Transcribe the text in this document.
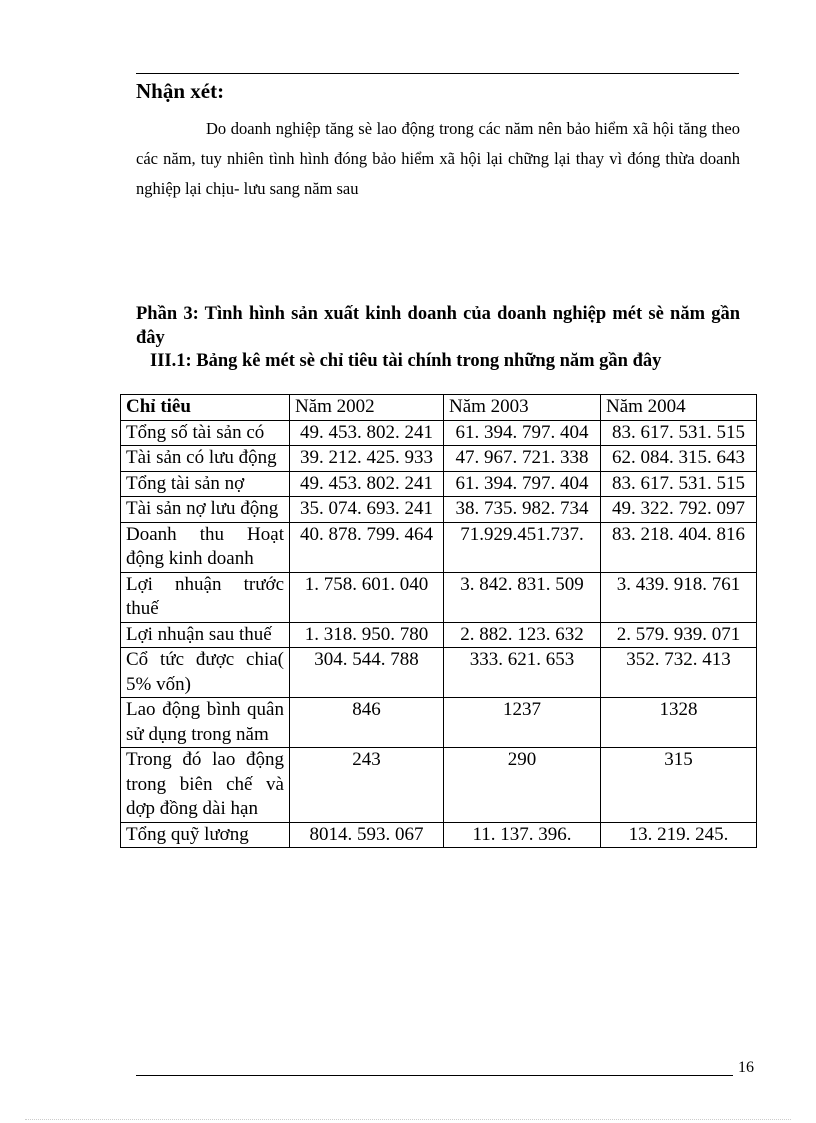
Nhận xét:
Do doanh nghiệp tăng sè lao động trong các năm nên bảo hiểm xã hội tăng theo các năm, tuy nhiên tình hình đóng bảo hiểm xã hội lại chững lại thay vì đóng thừa doanh nghiệp lại chịu- lưu sang năm sau
Phần 3: Tình hình sản xuất kinh doanh của doanh nghiệp mét sè năm gần đây
III.1: Bảng kê mét sè chỉ tiêu tài chính trong những năm gần đây
Chỉ tiêu	Năm 2002	Năm 2003	Năm 2004
Tổng số tài sản có	49. 453. 802. 241	61. 394. 797. 404	83. 617. 531. 515
Tài sản có lưu động	39. 212. 425. 933	47. 967. 721. 338	62. 084. 315. 643
Tổng tài sản nợ	49. 453. 802. 241	61. 394. 797. 404	83. 617. 531. 515
Tài sản nợ lưu động	35. 074. 693. 241	38. 735. 982. 734	49. 322. 792. 097
Doanh thu Hoạt động kinh doanh	40. 878. 799. 464	71.929.451.737.	83. 218. 404. 816
Lợi nhuận trước thuế	1. 758. 601. 040	3. 842. 831. 509	3. 439. 918. 761
Lợi nhuận sau thuế	1. 318. 950. 780	2. 882. 123. 632	2. 579. 939. 071
Cổ tức được chia( 5% vốn)	304. 544. 788	333. 621. 653	352. 732. 413
Lao động bình quân sử dụng trong năm	846	1237	1328
Trong đó lao động trong biên chế và dợp đồng dài hạn	243	290	315
Tổng quỹ lương	8014. 593. 067	11. 137. 396.	13. 219. 245.
16
